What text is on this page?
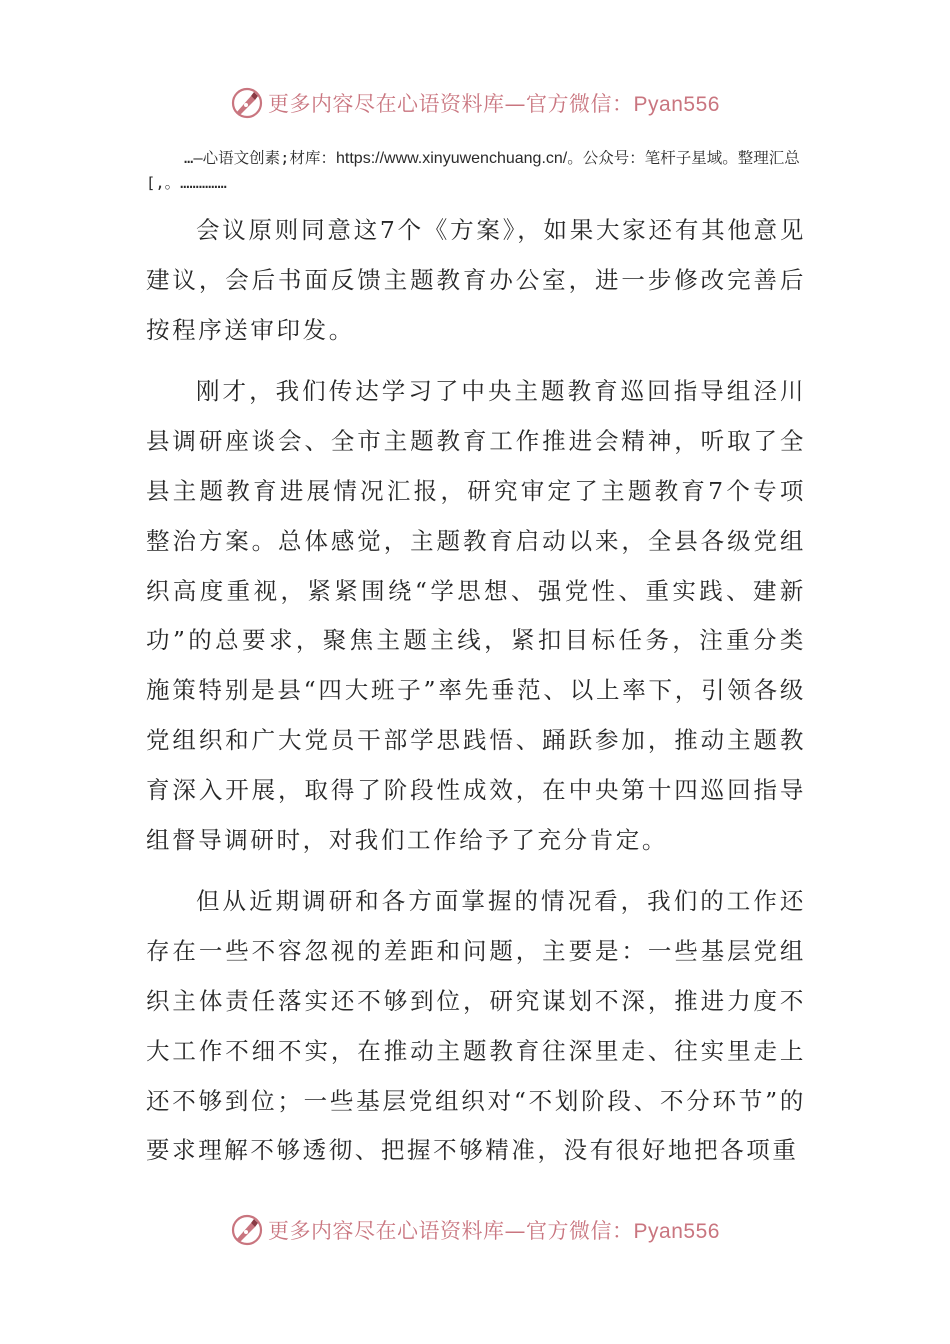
更多内容尽在心语资料库—官方微信：Pyan556
…—心语文创素;材库：https://www.xinyuwenchuang.cn/。公众号：笔杆子星域。整理汇总[,。……………

会议原则同意这7个《方案》，如果大家还有其他意见建议，会后书面反馈主题教育办公室，进一步修改完善后按程序送审印发。

刚才，我们传达学习了中央主题教育巡回指导组泾川县调研座谈会、全市主题教育工作推进会精神，听取了全县主题教育进展情况汇报，研究审定了主题教育7个专项整治方案。总体感觉，主题教育启动以来，全县各级党组织高度重视，紧紧围绕“学思想、强党性、重实践、建新功”的总要求，聚焦主题主线，紧扣目标任务，注重分类施策特别是县“四大班子”率先垂范、以上率下，引领各级党组织和广大党员干部学思践悟、踊跃参加，推动主题教育深入开展，取得了阶段性成效，在中央第十四巡回指导组督导调研时，对我们工作给予了充分肯定。

但从近期调研和各方面掌握的情况看，我们的工作还存在一些不容忽视的差距和问题，主要是：一些基层党组织主体责任落实还不够到位，研究谋划不深，推进力度不大工作不细不实，在推动主题教育往深里走、往实里走上还不够到位；一些基层党组织对“不划阶段、不分环节”的要求理解不够透彻、把握不够精准，没有很好地把各项重

更多内容尽在心语资料库—官方微信：Pyan556
